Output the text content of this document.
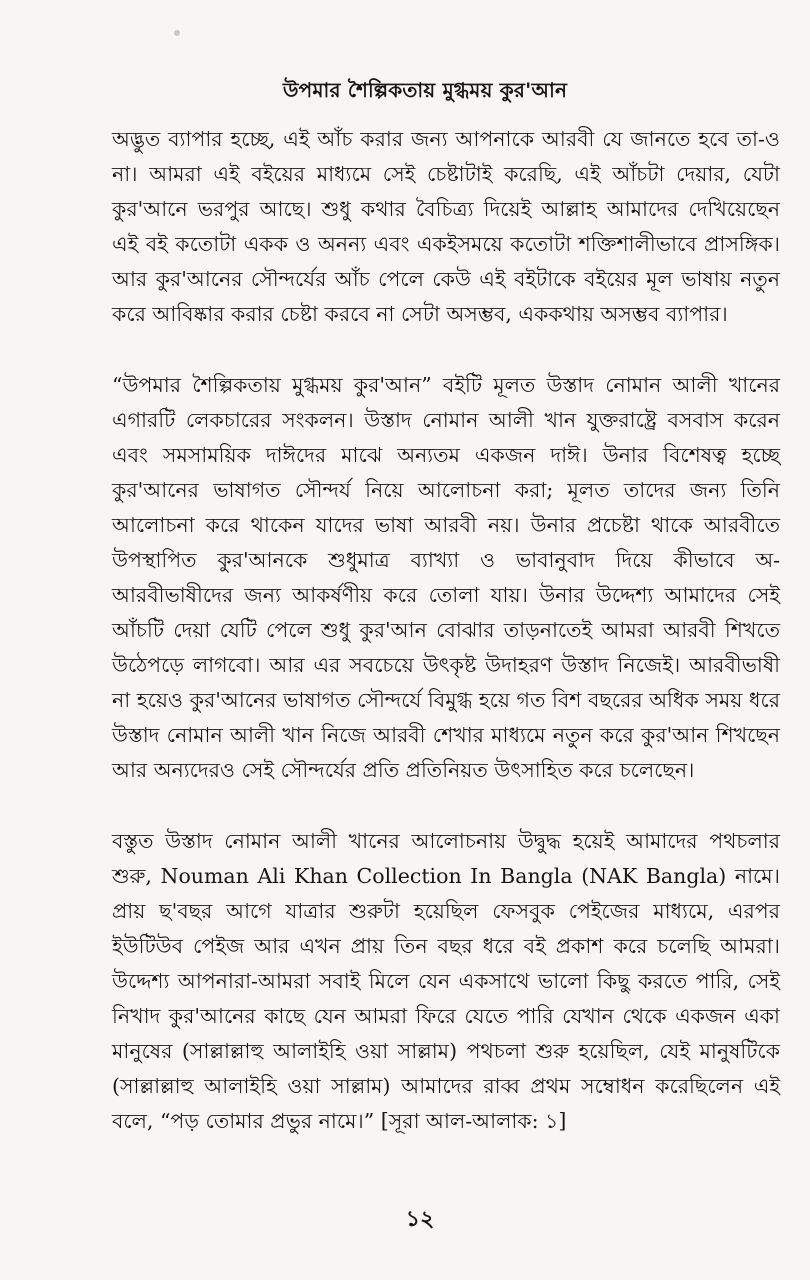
উপমার শৈল্পিকতায় মুগ্ধময় কুর'আন

অদ্ভুত ব্যাপার হচ্ছে, এই আঁচ করার জন্য আপনাকে আরবী যে জানতে হবে তা-ও না। আমরা এই বইয়ের মাধ্যমে সেই চেষ্টাটাই করেছি, এই আঁচটা দেয়ার, যেটা কুর'আনে ভরপুর আছে। শুধু কথার বৈচিত্র্য দিয়েই আল্লাহ আমাদের দেখিয়েছেন এই বই কতোটা একক ও অনন্য এবং একইসময়ে কতোটা শক্তিশালীভাবে প্রাসঙ্গিক। আর কুর'আনের সৌন্দর্যের আঁচ পেলে কেউ এই বইটাকে বইয়ের মূল ভাষায় নতুন করে আবিষ্কার করার চেষ্টা করবে না সেটা অসম্ভব, এককথায় অসম্ভব ব্যাপার।

“উপমার শৈল্পিকতায় মুগ্ধময় কুর'আন” বইটি মূলত উস্তাদ নোমান আলী খানের এগারটি লেকচারের সংকলন। উস্তাদ নোমান আলী খান যুক্তরাষ্ট্রে বসবাস করেন এবং সমসাময়িক দাঈদের মাঝে অন্যতম একজন দাঈ। উনার বিশেষত্ব হচ্ছে কুর'আনের ভাষাগত সৌন্দর্য নিয়ে আলোচনা করা; মূলত তাদের জন্য তিনি আলোচনা করে থাকেন যাদের ভাষা আরবী নয়। উনার প্রচেষ্টা থাকে আরবীতে উপস্থাপিত কুর'আনকে শুধুমাত্র ব্যাখ্যা ও ভাবানুবাদ দিয়ে কীভাবে অ-আরবীভাষীদের জন্য আকর্ষণীয় করে তোলা যায়। উনার উদ্দেশ্য আমাদের সেই আঁচটি দেয়া যেটি পেলে শুধু কুর'আন বোঝার তাড়নাতেই আমরা আরবী শিখতে উঠেপড়ে লাগবো। আর এর সবচেয়ে উৎকৃষ্ট উদাহরণ উস্তাদ নিজেই। আরবীভাষী না হয়েও কুর'আনের ভাষাগত সৌন্দর্যে বিমুগ্ধ হয়ে গত বিশ বছরের অধিক সময় ধরে উস্তাদ নোমান আলী খান নিজে আরবী শেখার মাধ্যমে নতুন করে কুর'আন শিখছেন আর অন্যদেরও সেই সৌন্দর্যের প্রতি প্রতিনিয়ত উৎসাহিত করে চলেছেন।

বস্তুত উস্তাদ নোমান আলী খানের আলোচনায় উদ্বুদ্ধ হয়েই আমাদের পথচলার শুরু, Nouman Ali Khan Collection In Bangla (NAK Bangla) নামে। প্রায় ছ'বছর আগে যাত্রার শুরুটা হয়েছিল ফেসবুক পেইজের মাধ্যমে, এরপর ইউটিউব পেইজ আর এখন প্রায় তিন বছর ধরে বই প্রকাশ করে চলেছি আমরা। উদ্দেশ্য আপনারা-আমরা সবাই মিলে যেন একসাথে ভালো কিছু করতে পারি, সেই নিখাদ কুর'আনের কাছে যেন আমরা ফিরে যেতে পারি যেখান থেকে একজন একা মানুষের (সাল্লাল্লাহু আলাইহি ওয়া সাল্লাম) পথচলা শুরু হয়েছিল, যেই মানুষটিকে (সাল্লাল্লাহু আলাইহি ওয়া সাল্লাম) আমাদের রাব্ব প্রথম সম্বোধন করেছিলেন এই বলে, “পড় তোমার প্রভুর নামে।” [সূরা আল-আলাক: ১]

১২
